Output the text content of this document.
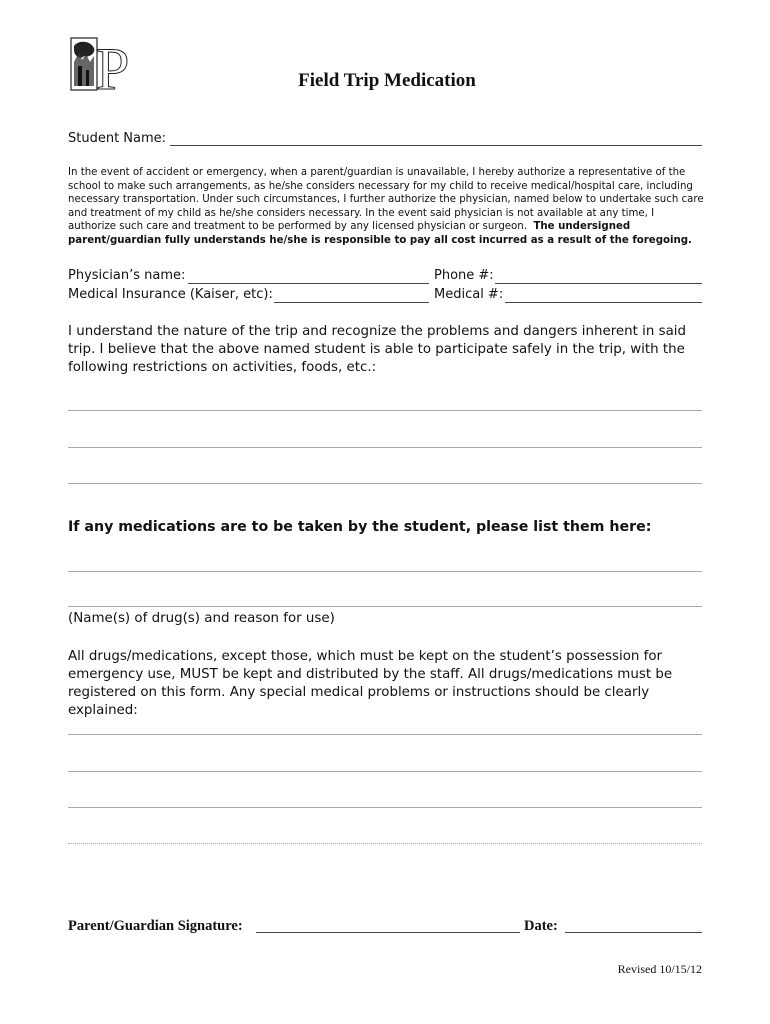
P	Field Trip Medication
Student Name:
In the event of accident or emergency, when a parent/guardian is unavailable, I hereby authorize a representative of the school to make such arrangements, as he/she considers necessary for my child to receive medical/hospital care, including necessary transportation. Under such circumstances, I further authorize the physician, named below to undertake such care and treatment of my child as he/she considers necessary. In the event said physician is not available at any time, I authorize such care and treatment to be performed by any licensed physician or surgeon. The undersigned parent/guardian fully understands he/she is responsible to pay all cost incurred as a result of the foregoing.
Physician’s name:	Phone #:
Medical Insurance (Kaiser, etc):	Medical #:
I understand the nature of the trip and recognize the problems and dangers inherent in said trip. I believe that the above named student is able to participate safely in the trip, with the following restrictions on activities, foods, etc.:
If any medications are to be taken by the student, please list them here:
(Name(s) of drug(s) and reason for use)
All drugs/medications, except those, which must be kept on the student’s possession for emergency use, MUST be kept and distributed by the staff. All drugs/medications must be registered on this form. Any special medical problems or instructions should be clearly explained:
Parent/Guardian Signature:	Date:
Revised 10/15/12
